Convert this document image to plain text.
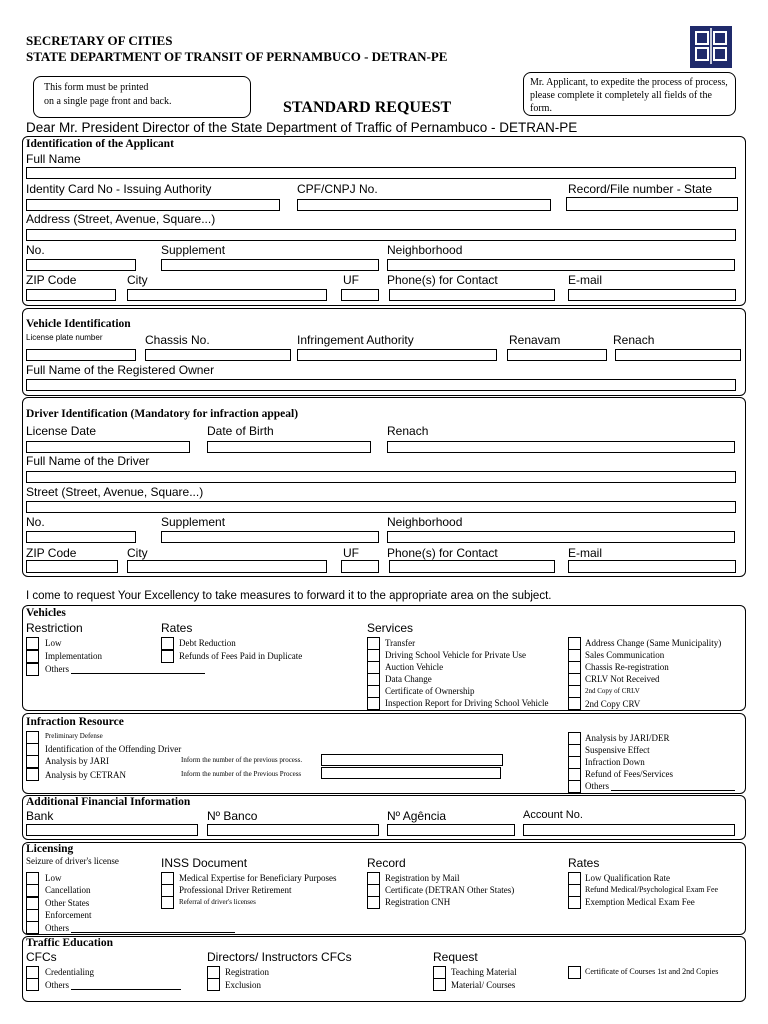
SECRETARY OF CITIES
STATE DEPARTMENT OF TRANSIT OF PERNAMBUCO - DETRAN-PE
This form must be printed
on a single page front and back.
Mr. Applicant, to expedite the process of process, please complete it completely all fields of the form.
STANDARD REQUEST
Dear Mr. President Director of the State Department of Traffic of Pernambuco - DETRAN-PE
Identification of the Applicant
Full Name
Identity Card No - Issuing Authority	CPF/CNPJ No.	Record/File number - State
Address (Street, Avenue, Square...)
No.	Supplement	Neighborhood
ZIP Code	City	UF Phone(s) for Contact	E-mail
Vehicle Identification
License plate number	Chassis No.	Infringement Authority	Renavam	Renach
Full Name of the Registered Owner
Driver Identification (Mandatory for infraction appeal)
License Date	Date of Birth	Renach
Full Name of the Driver
Street (Street, Avenue, Square...)
No.	Supplement	Neighborhood
ZIP Code	City	UF Phone(s) for Contact	E-mail
I come to request Your Excellency to take measures to forward it to the appropriate area on the subject.
Vehicles
Restriction	Rates	Services
Low
Implementation
Others
Debt Reduction
Refunds of Fees Paid in Duplicate
Transfer
Driving School Vehicle for Private Use
Auction Vehicle
Data Change
Certificate of Ownership
Inspection Report for Driving School Vehicle
Address Change (Same Municipality)
Sales Communication
Chassis Re-registration
CRLV Not Received
2nd Copy of CRLV
2nd Copy CRV
Infraction Resource
Preliminary Defense
Identification of the Offending Driver
Analysis by JARI
Analysis by CETRAN
Inform the number of the previous process.
Inform the number of the Previous Process
Analysis by JARI/DER
Suspensive Effect
Infraction Down
Refund of Fees/Services
Others
Additional Financial Information
Bank	Nº Banco	Nº Agência	Account No.
Licensing
Seizure of driver's license	INSS Document	Record	Rates
Low
Cancellation
Other States
Enforcement
Others
Medical Expertise for Beneficiary Purposes
Professional Driver Retirement
Referral of driver's licenses
Registration by Mail
Certificate (DETRAN Other States)
Registration CNH
Low Qualification Rate
Refund Medical/Psychological Exam Fee
Exemption Medical Exam Fee
Traffic Education
CFCs	Directors/ Instructors CFCs	Request
Credentialing
Others
Registration
Exclusion
Teaching Material
Material/ Courses
Certificate of Courses 1st and 2nd Copies
